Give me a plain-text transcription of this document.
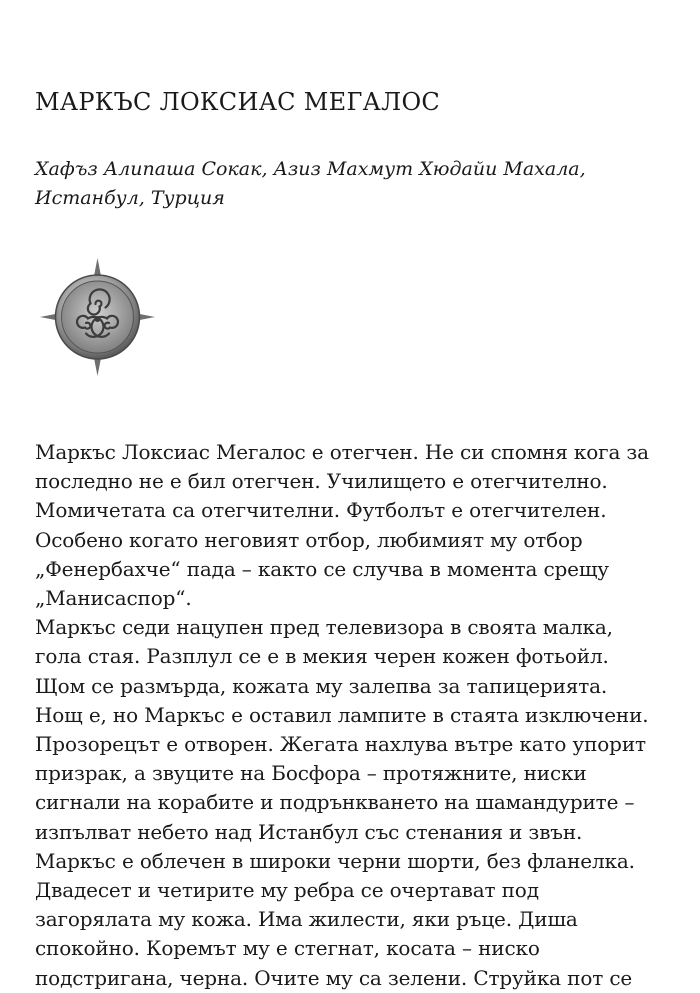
МАРКЪС ЛОКСИАС МЕГАЛОС
Хафъз Алипаша Сокак, Азиз Махмут Хюдайи Махала,
Истанбул, Турция
Маркъс Локсиас Мегалос е отегчен. Не си спомня кога за
последно не е бил отегчен. Училището е отегчително.
Момичетата са отегчителни. Футболът е отегчителен.
Особено когато неговият отбор, любимият му отбор
„Фенербахче“ пада – както се случва в момента срещу
„Манисаспор“.
Маркъс седи нацупен пред телевизора в своята малка,
гола стая. Разплул се е в мекия черен кожен фотьойл.
Щом се размърда, кожата му залепва за тапицерията.
Нощ е, но Маркъс е оставил лампите в стаята изключени.
Прозорецът е отворен. Жегата нахлува вътре като упорит
призрак, а звуците на Босфора – протяжните, ниски
сигнали на корабите и подрънкването на шамандурите –
изпълват небето над Истанбул със стенания и звън.
Маркъс е облечен в широки черни шорти, без фланелка.
Двадесет и четирите му ребра се очертават под
загорялата му кожа. Има жилести, яки ръце. Диша
спокойно. Коремът му е стегнат, косата – ниско
подстригана, черна. Очите му са зелени. Струйка пот се
